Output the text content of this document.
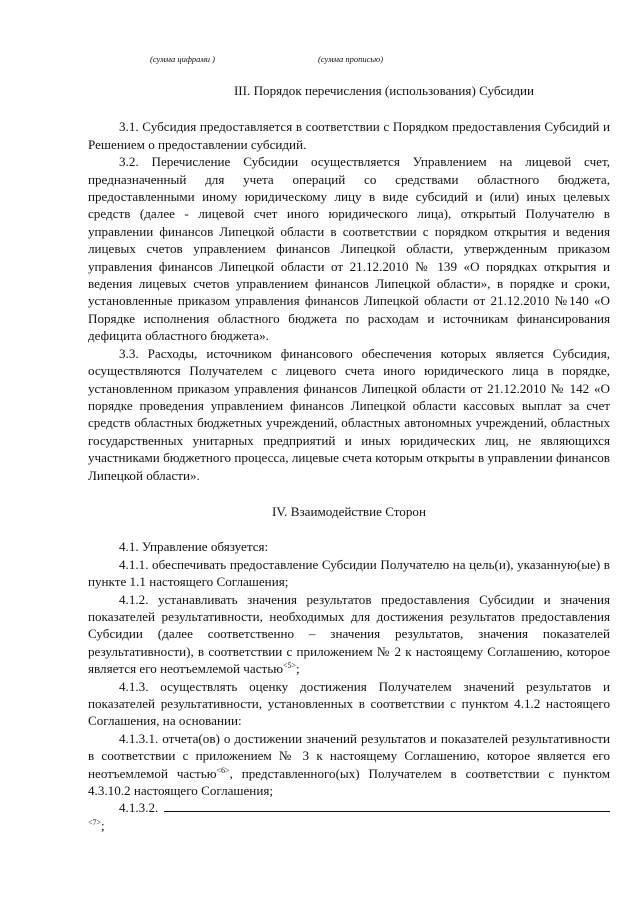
(сумма цифрами )	(сумма прописью)
III. Порядок перечисления (использования) Субсидии

3.1. Субсидия предоставляется в соответствии с Порядком предоставления Субсидий и Решением о предоставлении субсидий.

3.2. Перечисление Субсидии осуществляется Управлением на лицевой счет, предназначенный для учета операций со средствами областного бюджета, предоставленными иному юридическому лицу в виде субсидий и (или) иных целевых средств (далее - лицевой счет иного юридического лица), открытый Получателю в управлении финансов Липецкой области в соответствии с порядком открытия и ведения лицевых счетов управлением финансов Липецкой области, утвержденным приказом управления финансов Липецкой области от 21.12.2010 № 139 «О порядках открытия и ведения лицевых счетов управлением финансов Липецкой области», в порядке и сроки, установленные приказом управления финансов Липецкой области от 21.12.2010 №140 «О Порядке исполнения областного бюджета по расходам и источникам финансирования дефицита областного бюджета».

3.3. Расходы, источником финансового обеспечения которых является Субсидия, осуществляются Получателем с лицевого счета иного юридического лица в порядке, установленном приказом управления финансов Липецкой области от 21.12.2010 № 142 «О порядке проведения управлением финансов Липецкой области кассовых выплат за счет средств областных бюджетных учреждений, областных автономных учреждений, областных государственных унитарных предприятий и иных юридических лиц, не являющихся участниками бюджетного процесса, лицевые счета которым открыты в управлении финансов Липецкой области».

IV. Взаимодействие Сторон

4.1. Управление обязуется:

4.1.1. обеспечивать предоставление Субсидии Получателю на цель(и), указанную(ые) в пункте 1.1 настоящего Соглашения;

4.1.2. устанавливать значения результатов предоставления Субсидии и значения показателей результативности, необходимых для достижения результатов предоставления Субсидии (далее соответственно – значения результатов, значения показателей результативности), в соответствии с приложением № 2 к настоящему Соглашению, которое является его неотъемлемой частью$^{<5>}$;

4.1.3. осуществлять оценку достижения Получателем значений результатов и показателей результативности, установленных в соответствии с пунктом 4.1.2 настоящего Соглашения, на основании:

4.1.3.1. отчета(ов) о достижении значений результатов и показателей результативности в соответствии с приложением № 3 к настоящему Соглашению, которое является его неотъемлемой частью$^{<6>}$, представленного(ых) Получателем в соответствии с пунктом 4.3.10.2 настоящего Соглашения;

4.1.3.2. $^{<7>}$;
